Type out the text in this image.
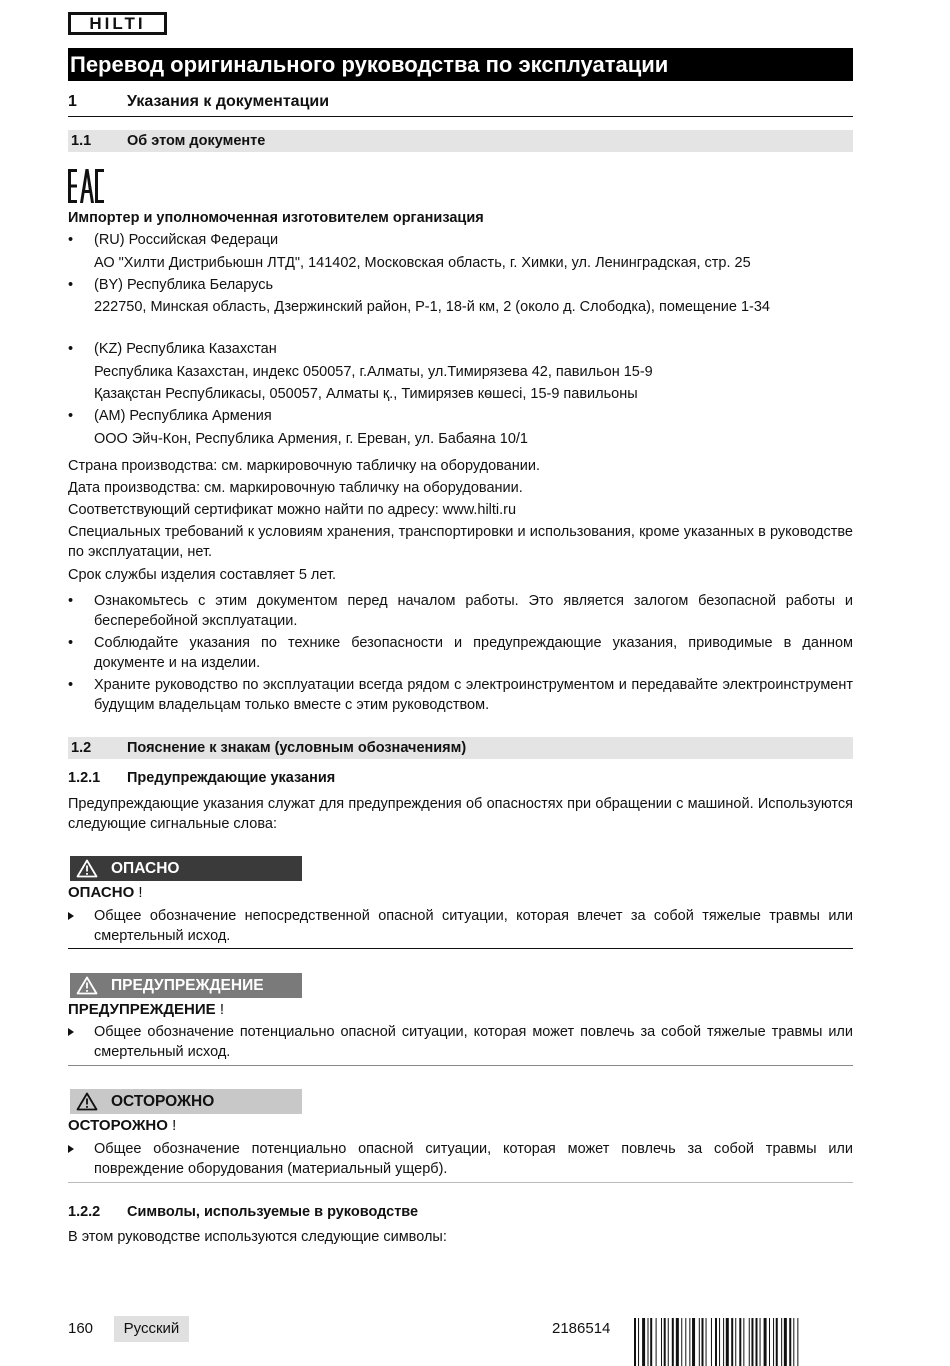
HILTI
Перевод оригинального руководства по эксплуатации
1	Указания к документации
1.1 Об этом документе
Импортер и уполномоченная изготовителем организация
• (RU) Российская Федераци
АО "Хилти Дистрибьюшн ЛТД", 141402, Московская область, г. Химки, ул. Ленинградская, стр. 25
• (BY) Республика Беларусь
222750, Минская область, Дзержинский район, Р-1, 18-й км, 2 (около д. Слободка), помещение 1-34
• (KZ) Республика Казахстан
Республика Казахстан, индекс 050057, г.Алматы, ул.Тимирязева 42, павильон 15-9
Қазақстан Республикасы, 050057, Алматы қ., Тимирязев көшесі, 15-9 павильоны
• (AM) Республика Армения
ООО Эйч-Кон, Республика Армения, г. Ереван, ул. Бабаяна 10/1
Страна производства: см. маркировочную табличку на оборудовании.
Дата производства: см. маркировочную табличку на оборудовании.
Соответствующий сертификат можно найти по адресу: www.hilti.ru
Специальных требований к условиям хранения, транспортировки и использования, кроме указанных в руководстве по эксплуатации, нет.
Срок службы изделия составляет 5 лет.
• Ознакомьтесь с этим документом перед началом работы. Это является залогом безопасной работы и бесперебойной эксплуатации.
• Соблюдайте указания по технике безопасности и предупреждающие указания, приводимые в данном документе и на изделии.
• Храните руководство по эксплуатации всегда рядом с электроинструментом и передавайте электроинструмент будущим владельцам только вместе с этим руководством.
1.2 Пояснение к знакам (условным обозначениям)
1.2.1 Предупреждающие указания
Предупреждающие указания служат для предупреждения об опасностях при обращении с машиной. Используются следующие сигнальные слова:
ОПАСНО
ОПАСНО !
Общее обозначение непосредственной опасной ситуации, которая влечет за собой тяжелые травмы или смертельный исход.
ПРЕДУПРЕЖДЕНИЕ
ПРЕДУПРЕЖДЕНИЕ !
Общее обозначение потенциально опасной ситуации, которая может повлечь за собой тяжелые травмы или смертельный исход.
ОСТОРОЖНО
ОСТОРОЖНО !
Общее обозначение потенциально опасной ситуации, которая может повлечь за собой травмы или повреждение оборудования (материальный ущерб).
1.2.2 Символы, используемые в руководстве
В этом руководстве используются следующие символы:
160	Русский	2186514
